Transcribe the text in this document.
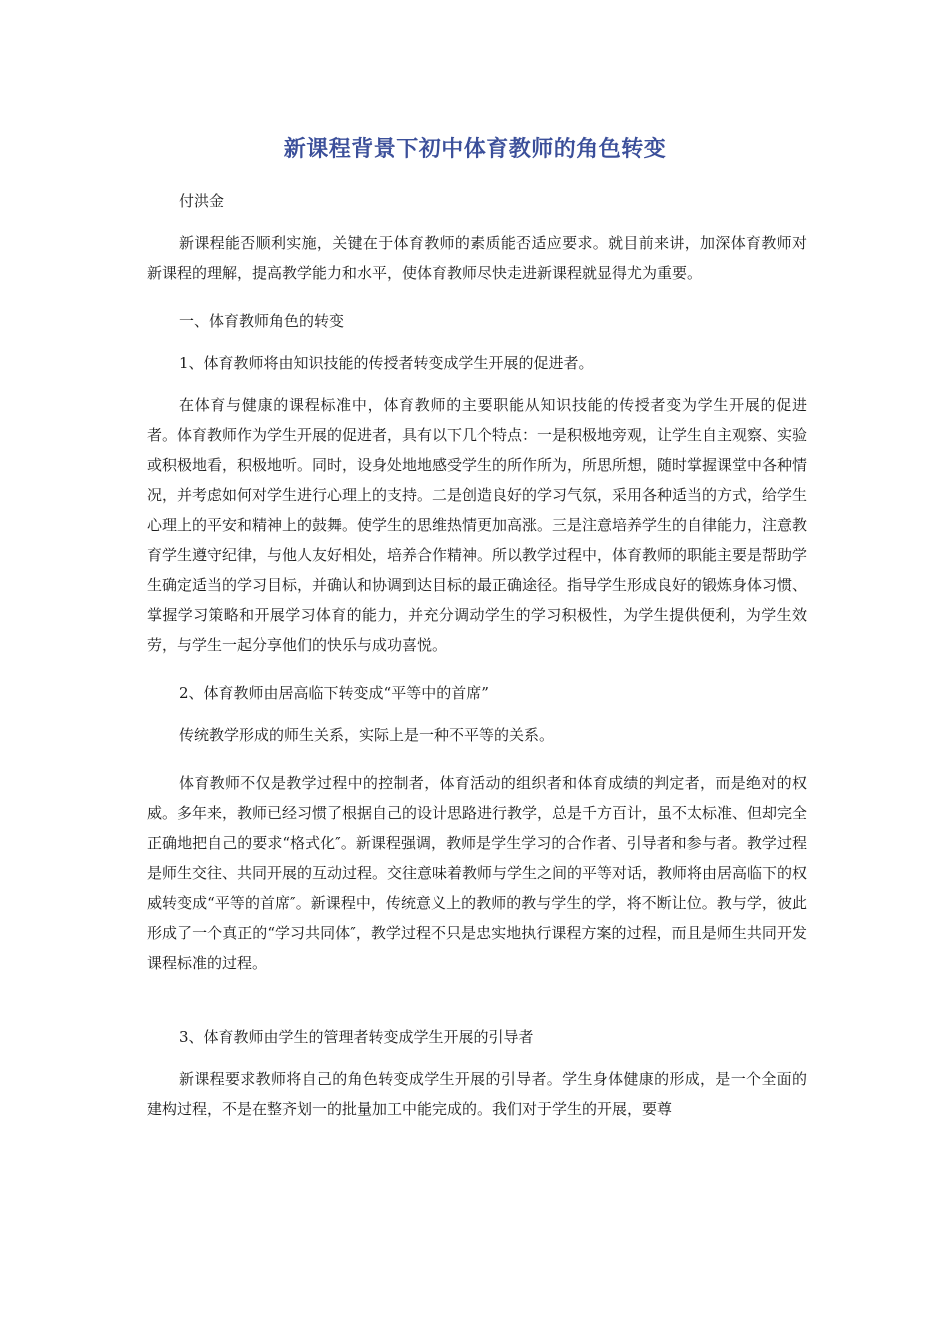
新课程背景下初中体育教师的角色转变

付洪金

新课程能否顺利实施，关键在于体育教师的素质能否适应要求。就目前来讲，加深体育教师对新课程的理解，提高教学能力和水平，使体育教师尽快走进新课程就显得尤为重要。

一、体育教师角色的转变

1、体育教师将由知识技能的传授者转变成学生开展的促进者。

在体育与健康的课程标准中，体育教师的主要职能从知识技能的传授者变为学生开展的促进者。体育教师作为学生开展的促进者，具有以下几个特点：一是积极地旁观，让学生自主观察、实验或积极地看，积极地听。同时，设身处地地感受学生的所作所为，所思所想，随时掌握课堂中各种情况，并考虑如何对学生进行心理上的支持。二是创造良好的学习气氛，采用各种适当的方式，给学生心理上的平安和精神上的鼓舞。使学生的思维热情更加高涨。三是注意培养学生的自律能力，注意教育学生遵守纪律，与他人友好相处，培养合作精神。所以教学过程中，体育教师的职能主要是帮助学生确定适当的学习目标，并确认和协调到达目标的最正确途径。指导学生形成良好的锻炼身体习惯、掌握学习策略和开展学习体育的能力，并充分调动学生的学习积极性，为学生提供便利，为学生效劳，与学生一起分享他们的快乐与成功喜悦。

2、体育教师由居高临下转变成“平等中的首席”

传统教学形成的师生关系，实际上是一种不平等的关系。

体育教师不仅是教学过程中的控制者，体育活动的组织者和体育成绩的判定者，而是绝对的权威。多年来，教师已经习惯了根据自己的设计思路进行教学，总是千方百计，虽不太标准、但却完全正确地把自己的要求“格式化″。新课程强调，教师是学生学习的合作者、引导者和参与者。教学过程是师生交往、共同开展的互动过程。交往意味着教师与学生之间的平等对话，教师将由居高临下的权威转变成“平等的首席″。新课程中，传统意义上的教师的教与学生的学，将不断让位。教与学，彼此形成了一个真正的“学习共同体″，教学过程不只是忠实地执行课程方案的过程，而且是师生共同开发课程标准的过程。

3、体育教师由学生的管理者转变成学生开展的引导者

新课程要求教师将自己的角色转变成学生开展的引导者。学生身体健康的形成，是一个全面的建构过程，不是在整齐划一的批量加工中能完成的。我们对于学生的开展，要尊
